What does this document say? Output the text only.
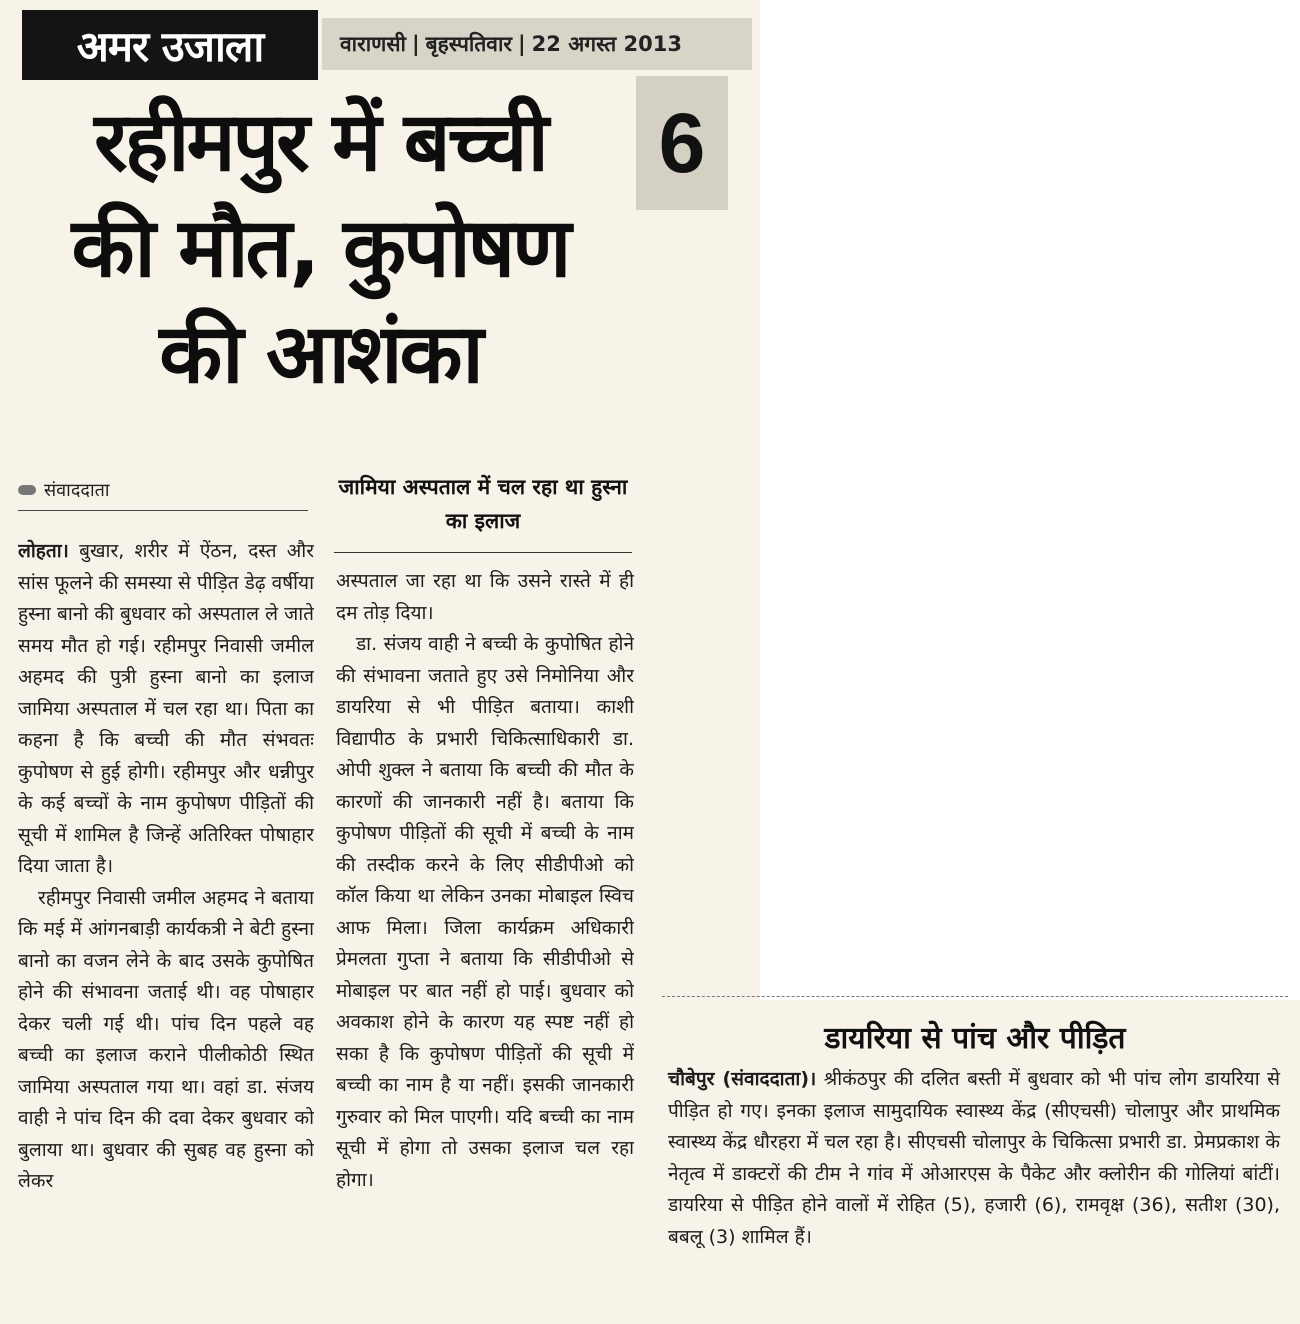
अमर उजाला	वाराणसी | बृहस्पतिवार | 22 अगस्त 2013
6
रहीमपुर में बच्ची
की मौत, कुपोषण
की आशंका
संवाददाता	जामिया अस्पताल में चल रहा था हुस्ना का इलाज

लोहता। बुखार, शरीर में ऐंठन, दस्त और सांस फूलने की समस्या से पीड़ित डेढ़ वर्षीया हुस्ना बानो की बुधवार को अस्पताल ले जाते समय मौत हो गई। रहीमपुर निवासी जमील अहमद की पुत्री हुस्ना बानो का इलाज जामिया अस्पताल में चल रहा था। पिता का कहना है कि बच्ची की मौत संभवतः कुपोषण से हुई होगी। रहीमपुर और धन्नीपुर के कई बच्चों के नाम कुपोषण पीड़ितों की सूची में शामिल है जिन्हें अतिरिक्त पोषाहार दिया जाता है।

रहीमपुर निवासी जमील अहमद ने बताया कि मई में आंगनबाड़ी कार्यकत्री ने बेटी हुस्ना बानो का वजन लेने के बाद उसके कुपोषित होने की संभावना जताई थी। वह पोषाहार देकर चली गई थी। पांच दिन पहले वह बच्ची का इलाज कराने पीलीकोठी स्थित जामिया अस्पताल गया था। वहां डा. संजय वाही ने पांच दिन की दवा देकर बुधवार को बुलाया था। बुधवार की सुबह वह हुस्ना को लेकर

अस्पताल जा रहा था कि उसने रास्ते में ही दम तोड़ दिया।

डा. संजय वाही ने बच्ची के कुपोषित होने की संभावना जताते हुए उसे निमोनिया और डायरिया से भी पीड़ित बताया। काशी विद्यापीठ के प्रभारी चिकित्साधिकारी डा. ओपी शुक्ल ने बताया कि बच्ची की मौत के कारणों की जानकारी नहीं है। बताया कि कुपोषण पीड़ितों की सूची में बच्ची के नाम की तस्दीक करने के लिए सीडीपीओ को कॉल किया था लेकिन उनका मोबाइल स्विच आफ मिला। जिला कार्यक्रम अधिकारी प्रेमलता गुप्ता ने बताया कि सीडीपीओ से मोबाइल पर बात नहीं हो पाई। बुधवार को अवकाश होने के कारण यह स्पष्ट नहीं हो सका है कि कुपोषण पीड़ितों की सूची में बच्ची का नाम है या नहीं। इसकी जानकारी गुरुवार को मिल पाएगी। यदि बच्ची का नाम सूची में होगा तो उसका इलाज चल रहा होगा।

डायरिया से पांच और पीड़ित

चौबेपुर (संवाददाता)। श्रीकंठपुर की दलित बस्ती में बुधवार को भी पांच लोग डायरिया से पीड़ित हो गए। इनका इलाज सामुदायिक स्वास्थ्य केंद्र (सीएचसी) चोलापुर और प्राथमिक स्वास्थ्य केंद्र धौरहरा में चल रहा है। सीएचसी चोलापुर के चिकित्सा प्रभारी डा. प्रेमप्रकाश के नेतृत्व में डाक्टरों की टीम ने गांव में ओआरएस के पैकेट और क्लोरीन की गोलियां बांटीं। डायरिया से पीड़ित होने वालों में रोहित (5), हजारी (6), रामवृक्ष (36), सतीश (30), बबलू (3) शामिल हैं।
